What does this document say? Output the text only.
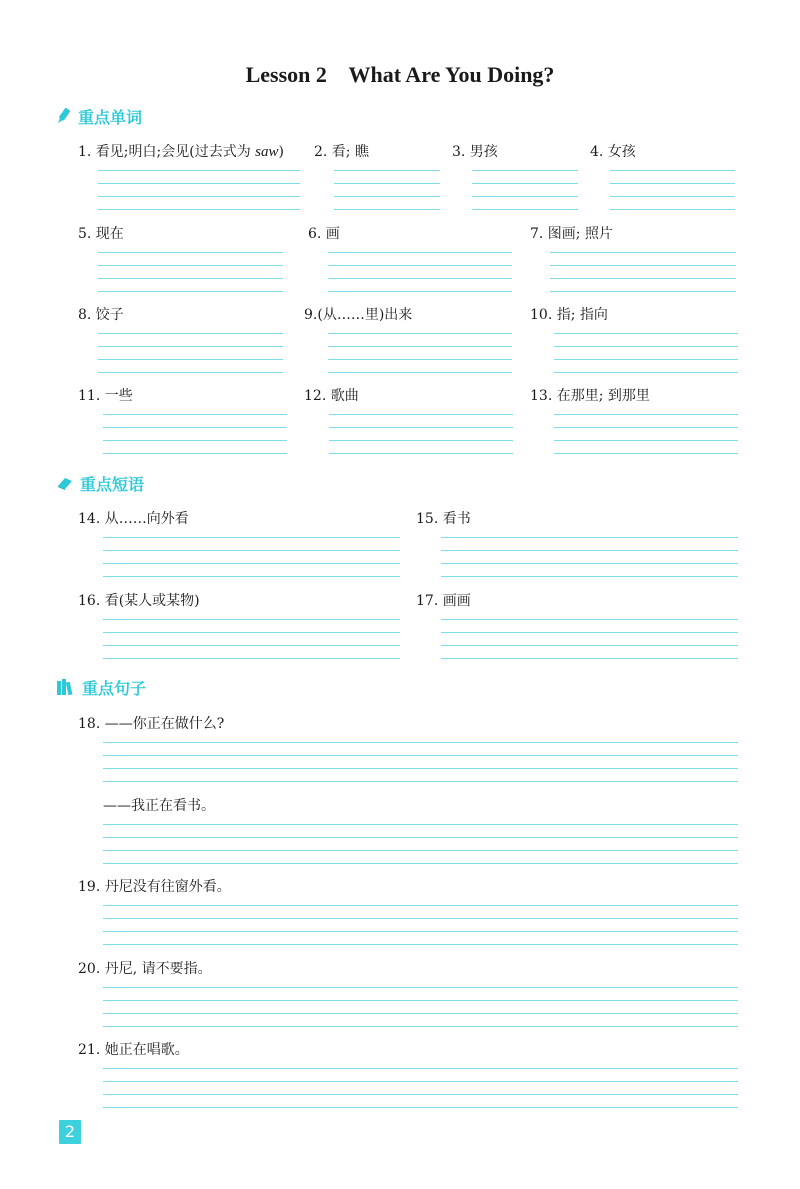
Lesson 2    What Are You Doing?
重点单词
1. 看见;明白;会见(过去式为 saw) 2. 看; 瞧	3. 男孩	4. 女孩
5. 现在	6. 画	7. 图画; 照片
8. 饺子	9.(从……里)出来	10. 指; 指向
11. 一些	12. 歌曲	13. 在那里; 到那里
重点短语
14. 从……向外看	15. 看书
16. 看(某人或某物)	17. 画画
重点句子
18. ——你正在做什么?
——我正在看书。
19. 丹尼没有往窗外看。
20. 丹尼, 请不要指。
21. 她正在唱歌。
2
